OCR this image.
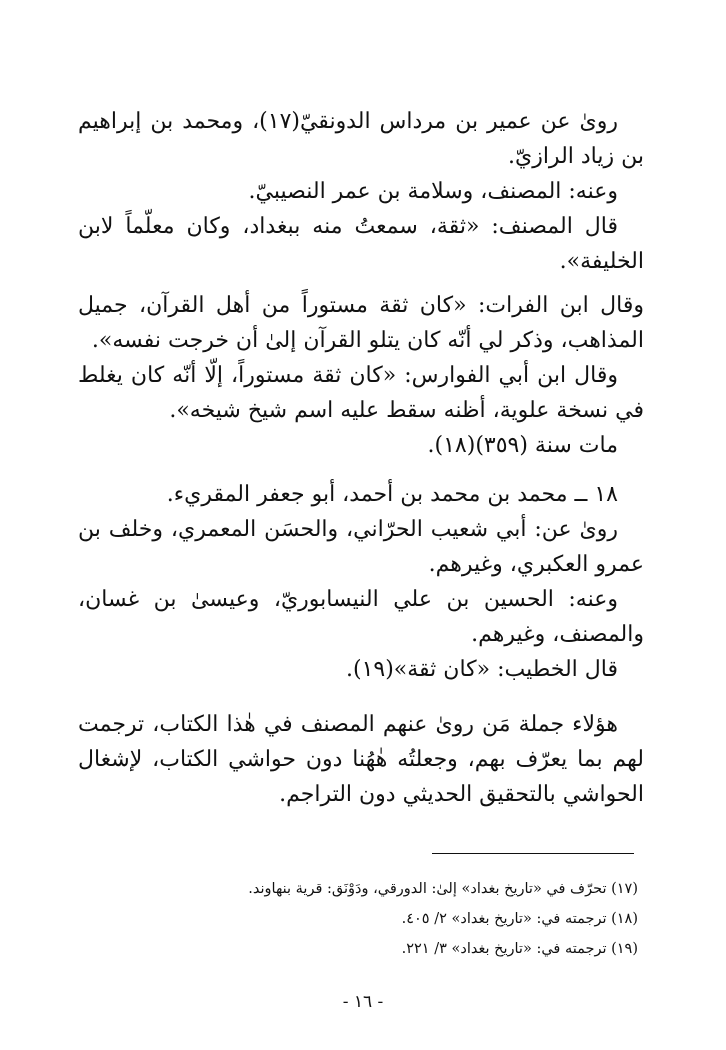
رویٰ عن عمیر بن مرداس الدونقيّ(١٧)، ومحمد بن إبراهيم بن زياد الرازيّ.

وعنه: المصنف، وسلامة بن عمر النصيبيّ.

قال المصنف: «ثقة، سمعتُ منه ببغداد، وكان معلّماً لابن الخليفة».

وقال ابن الفرات: «كان ثقة مستوراً من أهل القرآن، جميل المذاهب، وذكر لي أنّه كان يتلو القرآن إلىٰ أن خرجت نفسه».

وقال ابن أبي الفوارس: «كان ثقة مستوراً، إلّا أنّه كان يغلط في نسخة علوية، أظنه سقط عليه اسم شيخ شيخه».

مات سنة (٣٥٩)(١٨).

١٨ ــ محمد بن محمد بن أحمد، أبو جعفر المقريء.

رویٰ عن: أبي شعيب الحرّاني، والحسَن المعمري، وخلف بن عمرو العكبري، وغيرهم.

وعنه: الحسين بن علي النيسابوريّ، وعيسىٰ بن غسان، والمصنف، وغيرهم.

قال الخطيب: «كان ثقة»(١٩).

هؤلاء جملة مَن رویٰ عنهم المصنف في هٰذا الكتاب، ترجمت لهم بما يعرّف بهم، وجعلتُه هٰهُنا دون حواشي الكتاب، لإشغال الحواشي بالتحقيق الحديثي دون التراجم.

(١٧) تحرّف في «تاريخ بغداد» إلىٰ: الدورقي، ودَوْنَق: قرية بنهاوند.

(١٨) ترجمته في: «تاريخ بغداد» ٢/ ٤٠٥.

(١٩) ترجمته في: «تاريخ بغداد» ٣/ ٢٢١.

- ١٦ -
